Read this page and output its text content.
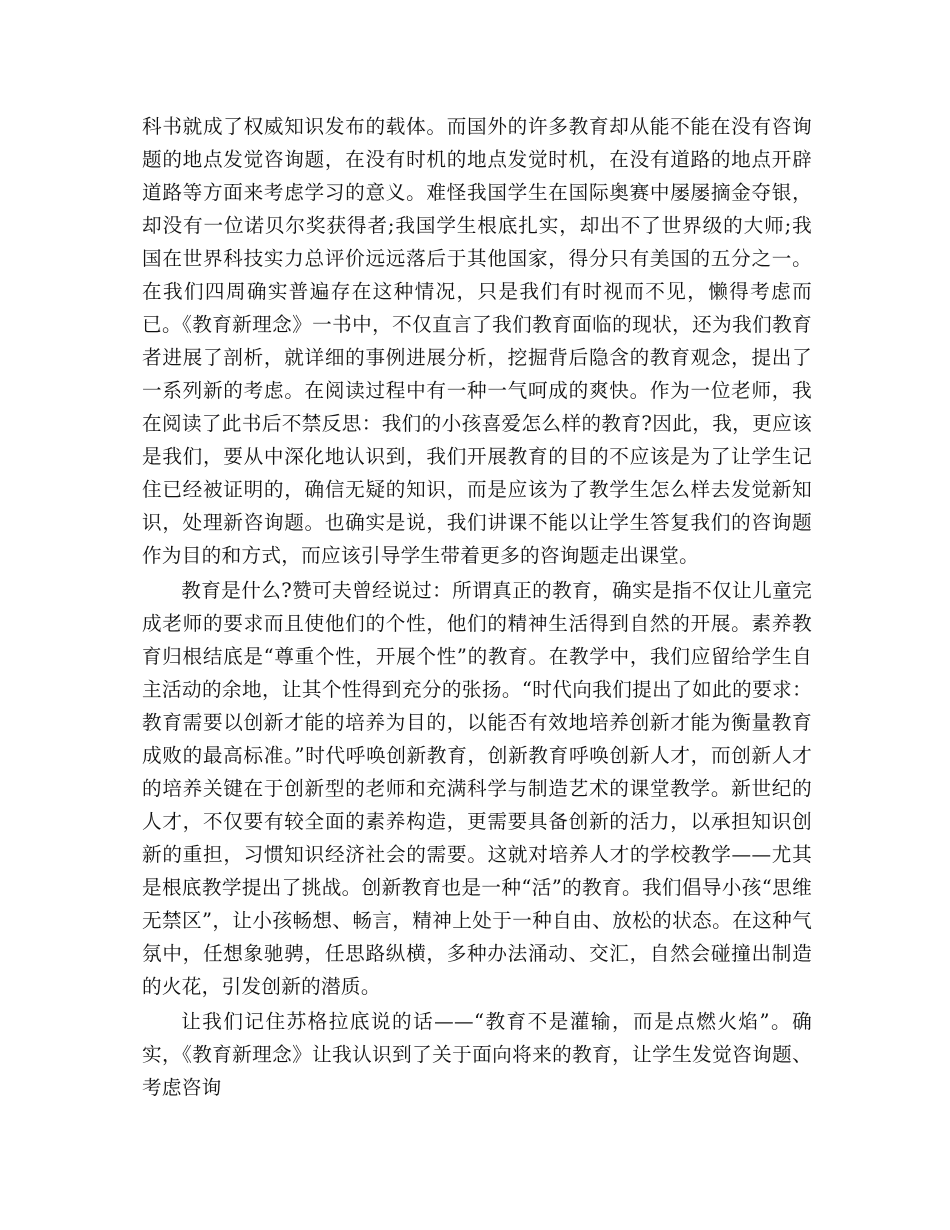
科书就成了权威知识发布的载体。而国外的许多教育却从能不能在没有咨询题的地点发觉咨询题，在没有时机的地点发觉时机，在没有道路的地点开辟道路等方面来考虑学习的意义。难怪我国学生在国际奥赛中屡屡摘金夺银，却没有一位诺贝尔奖获得者;我国学生根底扎实，却出不了世界级的大师;我国在世界科技实力总评价远远落后于其他国家，得分只有美国的五分之一。在我们四周确实普遍存在这种情况，只是我们有时视而不见，懒得考虑而已。《教育新理念》一书中，不仅直言了我们教育面临的现状，还为我们教育者进展了剖析，就详细的事例进展分析，挖掘背后隐含的教育观念，提出了一系列新的考虑。在阅读过程中有一种一气呵成的爽快。作为一位老师，我在阅读了此书后不禁反思：我们的小孩喜爱怎么样的教育?因此，我，更应该是我们，要从中深化地认识到，我们开展教育的目的不应该是为了让学生记住已经被证明的，确信无疑的知识，而是应该为了教学生怎么样去发觉新知识，处理新咨询题。也确实是说，我们讲课不能以让学生答复我们的咨询题作为目的和方式，而应该引导学生带着更多的咨询题走出课堂。

教育是什么?赞可夫曾经说过：所谓真正的教育，确实是指不仅让儿童完成老师的要求而且使他们的个性，他们的精神生活得到自然的开展。素养教育归根结底是“尊重个性，开展个性”的教育。在教学中，我们应留给学生自主活动的余地，让其个性得到充分的张扬。“时代向我们提出了如此的要求：教育需要以创新才能的培养为目的，以能否有效地培养创新才能为衡量教育成败的最高标准。”时代呼唤创新教育，创新教育呼唤创新人才，而创新人才的培养关键在于创新型的老师和充满科学与制造艺术的课堂教学。新世纪的人才，不仅要有较全面的素养构造，更需要具备创新的活力，以承担知识创新的重担，习惯知识经济社会的需要。这就对培养人才的学校教学——尤其是根底教学提出了挑战。创新教育也是一种“活”的教育。我们倡导小孩“思维无禁区”，让小孩畅想、畅言，精神上处于一种自由、放松的状态。在这种气氛中，任想象驰骋，任思路纵横，多种办法涌动、交汇，自然会碰撞出制造的火花，引发创新的潜质。

让我们记住苏格拉底说的话——“教育不是灌输，而是点燃火焰”。确实，《教育新理念》让我认识到了关于面向将来的教育，让学生发觉咨询题、考虑咨询
